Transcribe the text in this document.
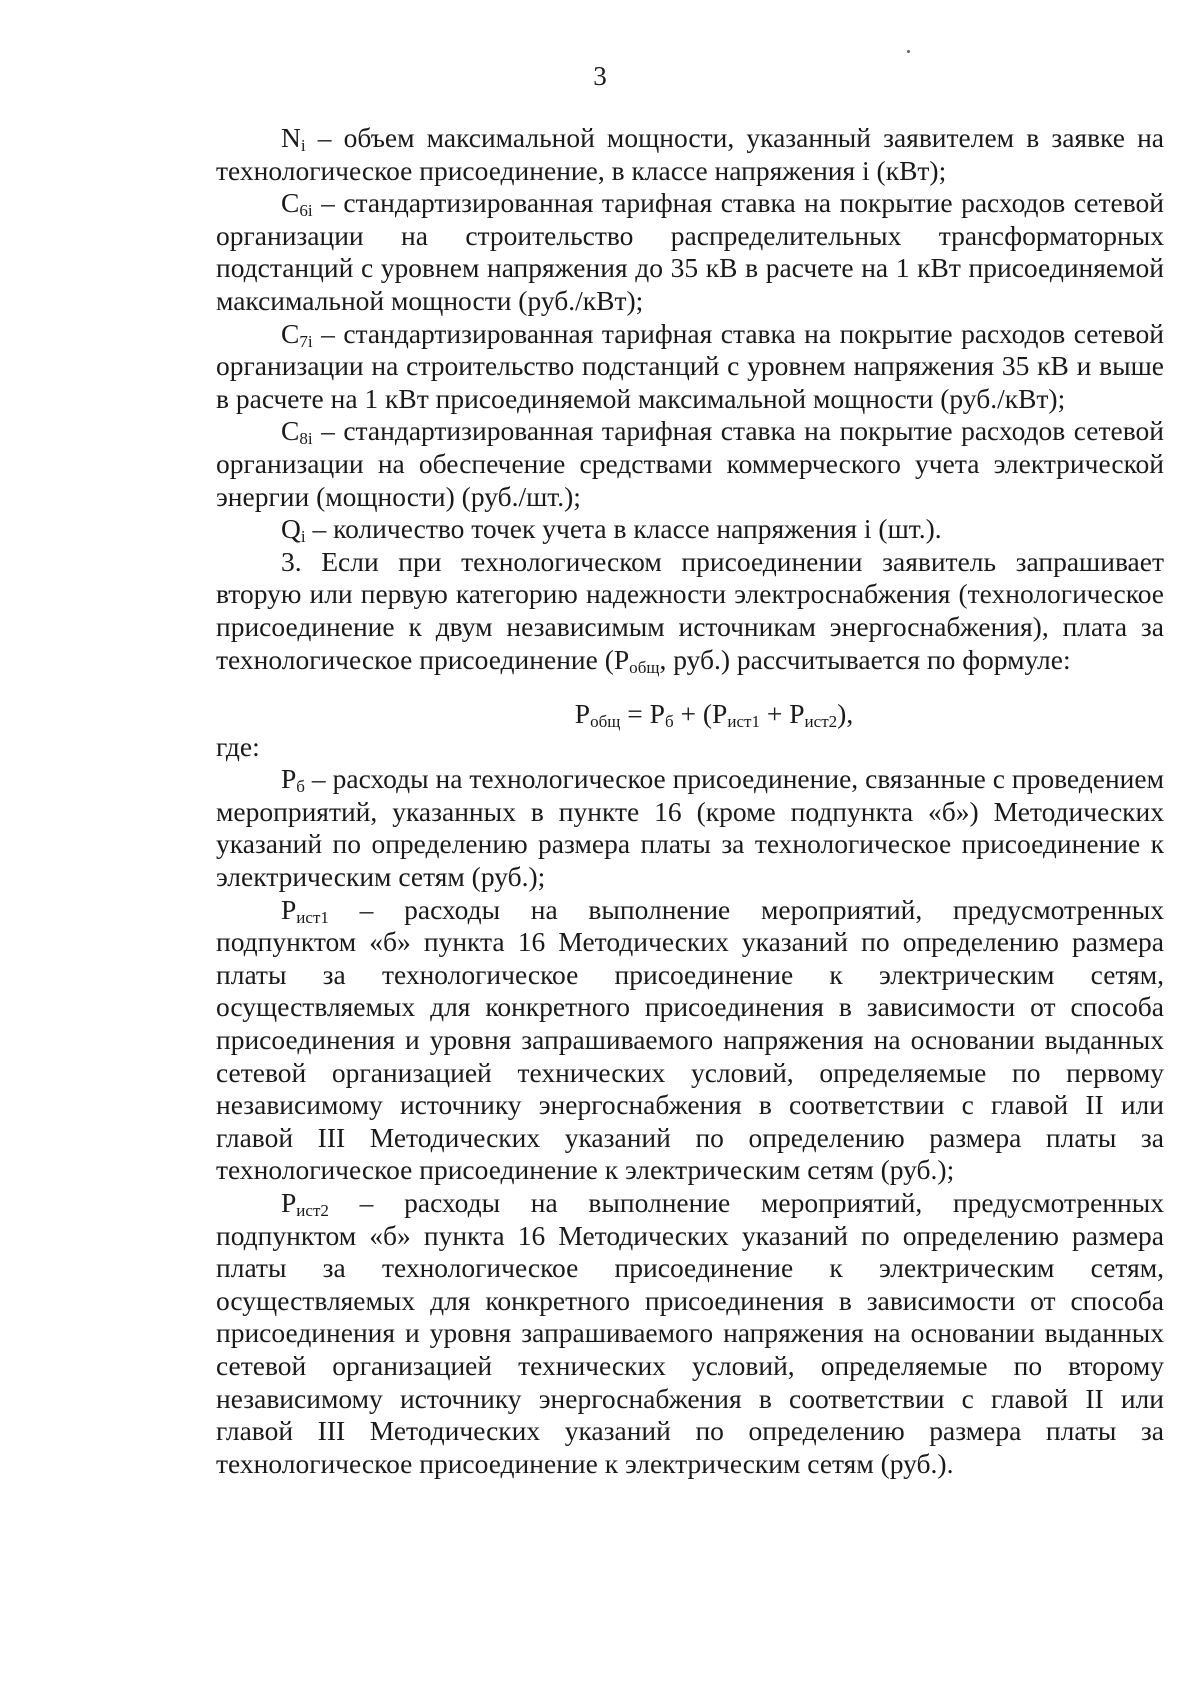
3

$N_i$ – объем максимальной мощности, указанный заявителем в заявке на технологическое присоединение, в классе напряжения i (кВт);

$C_{6i}$ – стандартизированная тарифная ставка на покрытие расходов сетевой организации на строительство распределительных трансформаторных подстанций с уровнем напряжения до 35 кВ в расчете на 1 кВт присоединяемой максимальной мощности (руб./кВт);

$C_{7i}$ – стандартизированная тарифная ставка на покрытие расходов сетевой организации на строительство подстанций с уровнем напряжения 35 кВ и выше в расчете на 1 кВт присоединяемой максимальной мощности (руб./кВт);

$C_{8i}$ – стандартизированная тарифная ставка на покрытие расходов сетевой организации на обеспечение средствами коммерческого учета электрической энергии (мощности) (руб./шт.);

$Q_i$ – количество точек учета в классе напряжения i (шт.).

3. Если при технологическом присоединении заявитель запрашивает вторую или первую категорию надежности электроснабжения (технологическое присоединение к двум независимым источникам энергоснабжения), плата за технологическое присоединение ($P_{общ}$, руб.) рассчитывается по формуле:

$P_{общ} = P_б + (P_{ист1} + P_{ист2})$,

где:

$P_б$ – расходы на технологическое присоединение, связанные с проведением мероприятий, указанных в пункте 16 (кроме подпункта «б») Методических указаний по определению размера платы за технологическое присоединение к электрическим сетям (руб.);

$P_{ист1}$ – расходы на выполнение мероприятий, предусмотренных подпунктом «б» пункта 16 Методических указаний по определению размера платы за технологическое присоединение к электрическим сетям, осуществляемых для конкретного присоединения в зависимости от способа присоединения и уровня запрашиваемого напряжения на основании выданных сетевой организацией технических условий, определяемые по первому независимому источнику энергоснабжения в соответствии с главой II или главой III Методических указаний по определению размера платы за технологическое присоединение к электрическим сетям (руб.);

$P_{ист2}$ – расходы на выполнение мероприятий, предусмотренных подпунктом «б» пункта 16 Методических указаний по определению размера платы за технологическое присоединение к электрическим сетям, осуществляемых для конкретного присоединения в зависимости от способа присоединения и уровня запрашиваемого напряжения на основании выданных сетевой организацией технических условий, определяемые по второму независимому источнику энергоснабжения в соответствии с главой II или главой III Методических указаний по определению размера платы за технологическое присоединение к электрическим сетям (руб.).
